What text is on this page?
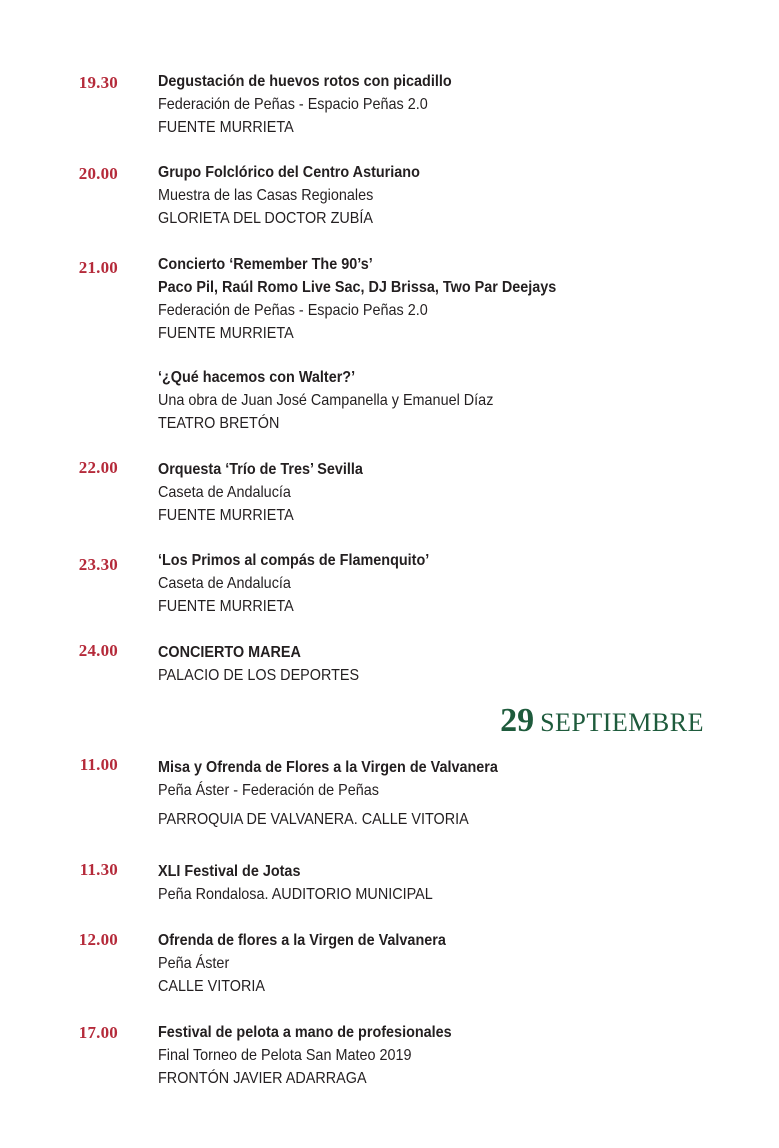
19.30	Degustación de huevos rotos con picadillo
Federación de Peñas - Espacio Peñas 2.0
FUENTE MURRIETA
20.00	Grupo Folclórico del Centro Asturiano
Muestra de las Casas Regionales
GLORIETA DEL DOCTOR ZUBÍA
21.00	Concierto ‘Remember The 90’s’
Paco Pil, Raúl Romo Live Sac, DJ Brissa, Two Par Deejays
Federación de Peñas - Espacio Peñas 2.0
FUENTE MURRIETA
‘¿Qué hacemos con Walter?’
Una obra de Juan José Campanella y Emanuel Díaz
TEATRO BRETÓN
22.00	Orquesta ‘Trío de Tres’ Sevilla
Caseta de Andalucía
FUENTE MURRIETA
23.30	‘Los Primos al compás de Flamenquito’
Caseta de Andalucía
FUENTE MURRIETA
24.00	CONCIERTO MAREA
PALACIO DE LOS DEPORTES
29 SEPTIEMBRE
11.00	Misa y Ofrenda de Flores a la Virgen de Valvanera
Peña Áster - Federación de Peñas
PARROQUIA DE VALVANERA. CALLE VITORIA
11.30	XLI Festival de Jotas
Peña Rondalosa. AUDITORIO MUNICIPAL
12.00	Ofrenda de flores a la Virgen de Valvanera
Peña Áster
CALLE VITORIA
17.00	Festival de pelota a mano de profesionales
Final Torneo de Pelota San Mateo 2019
FRONTÓN JAVIER ADARRAGA
